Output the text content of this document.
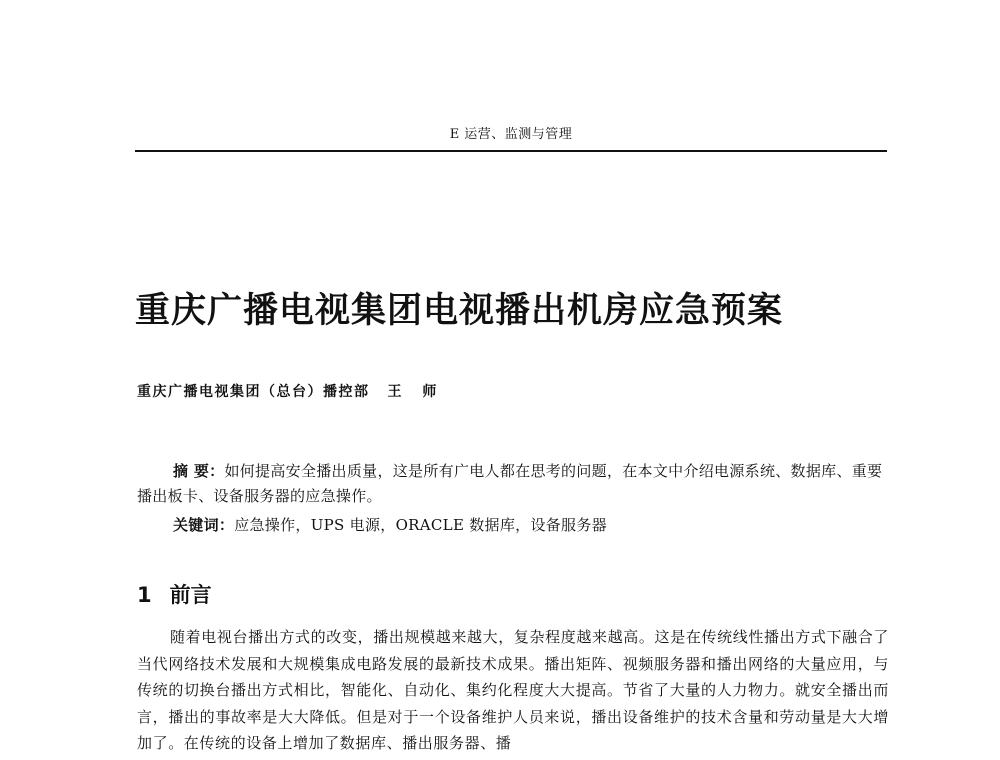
E 运营、监测与管理
重庆广播电视集团电视播出机房应急预案
重庆广播电视集团（总台）播控部 王 师

摘 要：如何提高安全播出质量，这是所有广电人都在思考的问题，在本文中介绍电源系统、数据库、重要播出板卡、设备服务器的应急操作。

关键词：应急操作，UPS 电源，ORACLE 数据库，设备服务器
1 前言

随着电视台播出方式的改变，播出规模越来越大，复杂程度越来越高。这是在传统线性播出方式下融合了当代网络技术发展和大规模集成电路发展的最新技术成果。播出矩阵、视频服务器和播出网络的大量应用，与传统的切换台播出方式相比，智能化、自动化、集约化程度大大提高。节省了大量的人力物力。就安全播出而言，播出的事故率是大大降低。但是对于一个设备维护人员来说，播出设备维护的技术含量和劳动量是大大增加了。在传统的设备上增加了数据库、播出服务器、播
